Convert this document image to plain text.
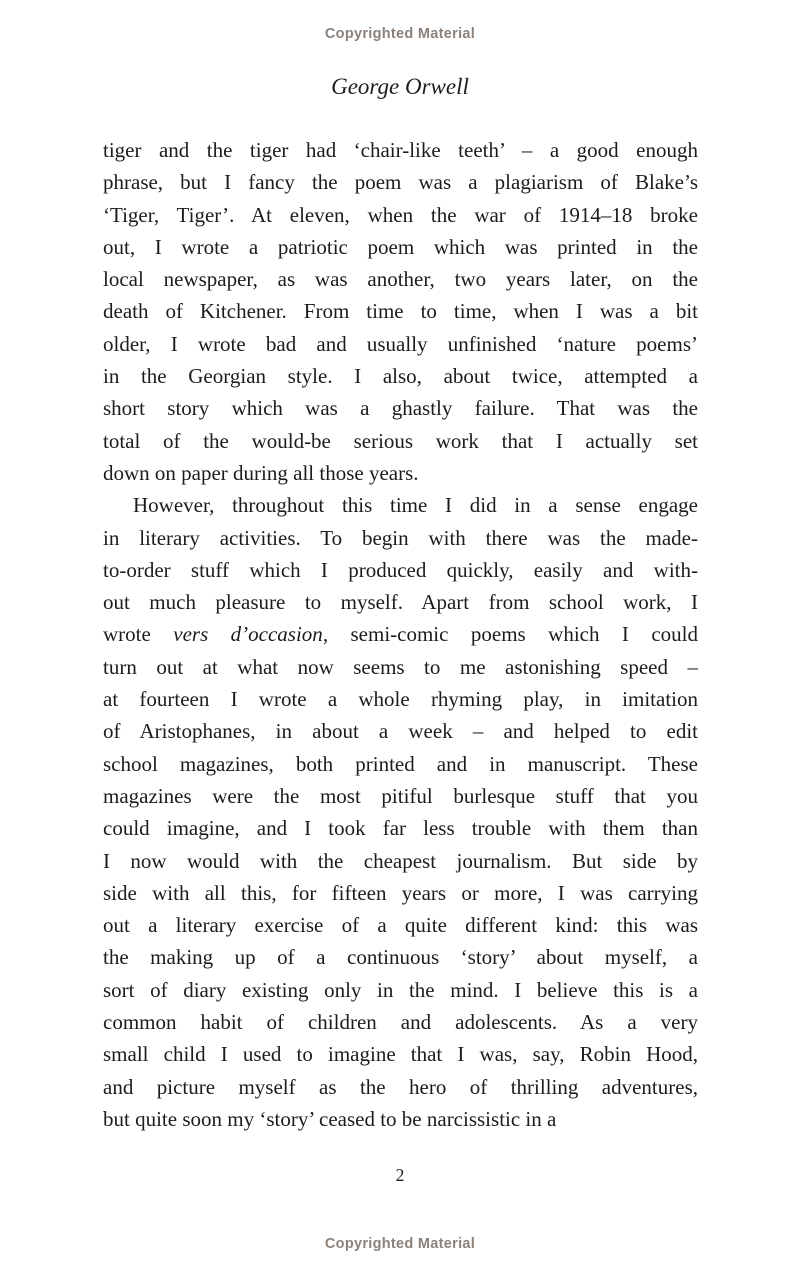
Copyrighted Material
George Orwell
tiger and the tiger had ‘chair-like teeth’ – a good enough
phrase, but I fancy the poem was a plagiarism of Blake’s
‘Tiger, Tiger’. At eleven, when the war of 1914–18 broke
out, I wrote a patriotic poem which was printed in the
local newspaper, as was another, two years later, on the
death of Kitchener. From time to time, when I was a bit
older, I wrote bad and usually unfinished ‘nature poems’
in the Georgian style. I also, about twice, attempted a
short story which was a ghastly failure. That was the
total of the would-be serious work that I actually set
down on paper during all those years.
However, throughout this time I did in a sense engage
in literary activities. To begin with there was the made-
to-order stuff which I produced quickly, easily and with-
out much pleasure to myself. Apart from school work, I
wrote vers d’occasion, semi-comic poems which I could
turn out at what now seems to me astonishing speed –
at fourteen I wrote a whole rhyming play, in imitation
of Aristophanes, in about a week – and helped to edit
school magazines, both printed and in manuscript. These
magazines were the most pitiful burlesque stuff that you
could imagine, and I took far less trouble with them than
I now would with the cheapest journalism. But side by
side with all this, for fifteen years or more, I was carrying
out a literary exercise of a quite different kind: this was
the making up of a continuous ‘story’ about myself, a
sort of diary existing only in the mind. I believe this is a
common habit of children and adolescents. As a very
small child I used to imagine that I was, say, Robin Hood,
and picture myself as the hero of thrilling adventures,
but quite soon my ‘story’ ceased to be narcissistic in a
2
Copyrighted Material
